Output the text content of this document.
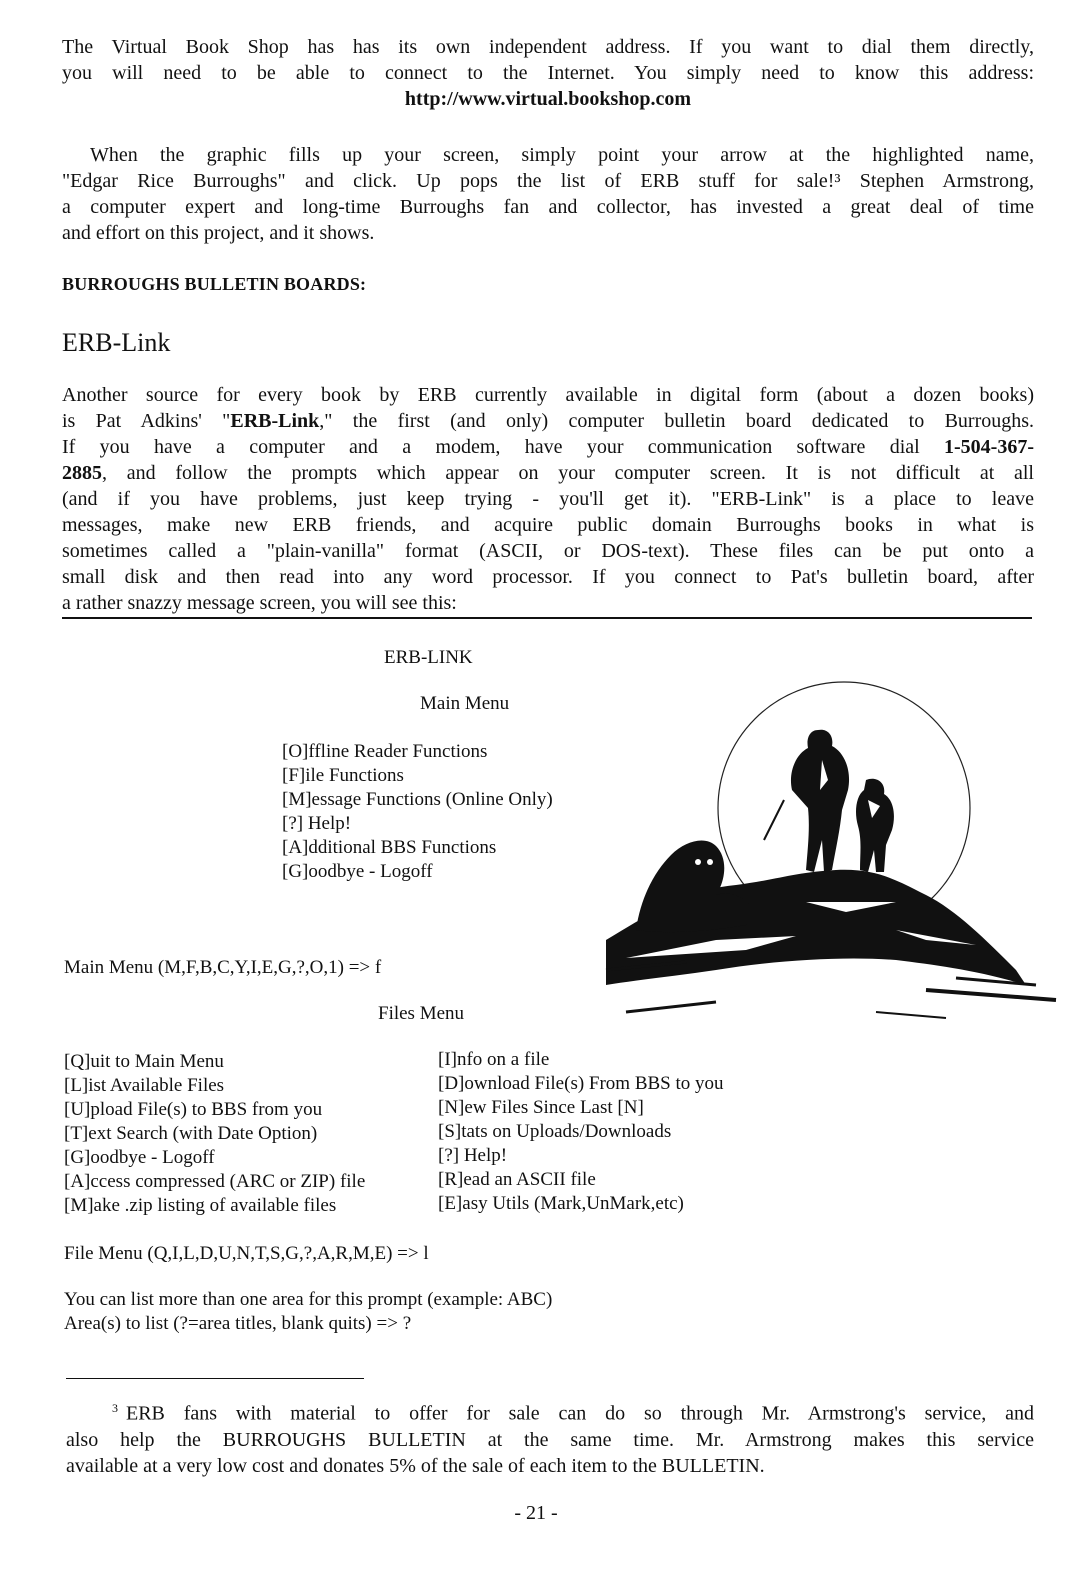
The Virtual Book Shop has has its own independent address. If you want to dial them directly,
you will need to be able to connect to the Internet. You simply need to know this address:
http://www.virtual.bookshop.com
When the graphic fills up your screen, simply point your arrow at the highlighted name,
"Edgar Rice Burroughs" and click. Up pops the list of ERB stuff for sale!³ Stephen Armstrong,
a computer expert and long-time Burroughs fan and collector, has invested a great deal of time
and effort on this project, and it shows.
BURROUGHS BULLETIN BOARDS:
ERB-Link
Another source for every book by ERB currently available in digital form (about a dozen books)
is Pat Adkins' "ERB-Link," the first (and only) computer bulletin board dedicated to Burroughs.
If you have a computer and a modem, have your communication software dial 1-504-367-
2885, and follow the prompts which appear on your computer screen. It is not difficult at all
(and if you have problems, just keep trying - you'll get it). "ERB-Link" is a place to leave
messages, make new ERB friends, and acquire public domain Burroughs books in what is
sometimes called a "plain-vanilla" format (ASCII, or DOS-text). These files can be put onto a
small disk and then read into any word processor. If you connect to Pat's bulletin board, after
a rather snazzy message screen, you will see this:
ERB-LINK
Main Menu
[O]ffline Reader Functions
[F]ile Functions
[M]essage Functions (Online Only)
[?] Help!
[A]dditional BBS Functions
[G]oodbye - Logoff
Main Menu (M,F,B,C,Y,I,E,G,?,O,1) => f
Files Menu
[Q]uit to Main Menu
[L]ist Available Files
[U]pload File(s) to BBS from you
[T]ext Search (with Date Option)
[G]oodbye - Logoff
[A]ccess compressed (ARC or ZIP) file
[M]ake .zip listing of available files
[I]nfo on a file
[D]ownload File(s) From BBS to you
[N]ew Files Since Last [N]
[S]tats on Uploads/Downloads
[?] Help!
[R]ead an ASCII file
[E]asy Utils (Mark,UnMark,etc)
File Menu (Q,I,L,D,U,N,T,S,G,?,A,R,M,E) => l
You can list more than one area for this prompt (example: ABC)
Area(s) to list (?=area titles, blank quits) => ?
$^3$ ERB fans with material to offer for sale can do so through Mr. Armstrong's service, and
also help the BURROUGHS BULLETIN at the same time. Mr. Armstrong makes this service
available at a very low cost and donates 5% of the sale of each item to the BULLETIN.
- 21 -
